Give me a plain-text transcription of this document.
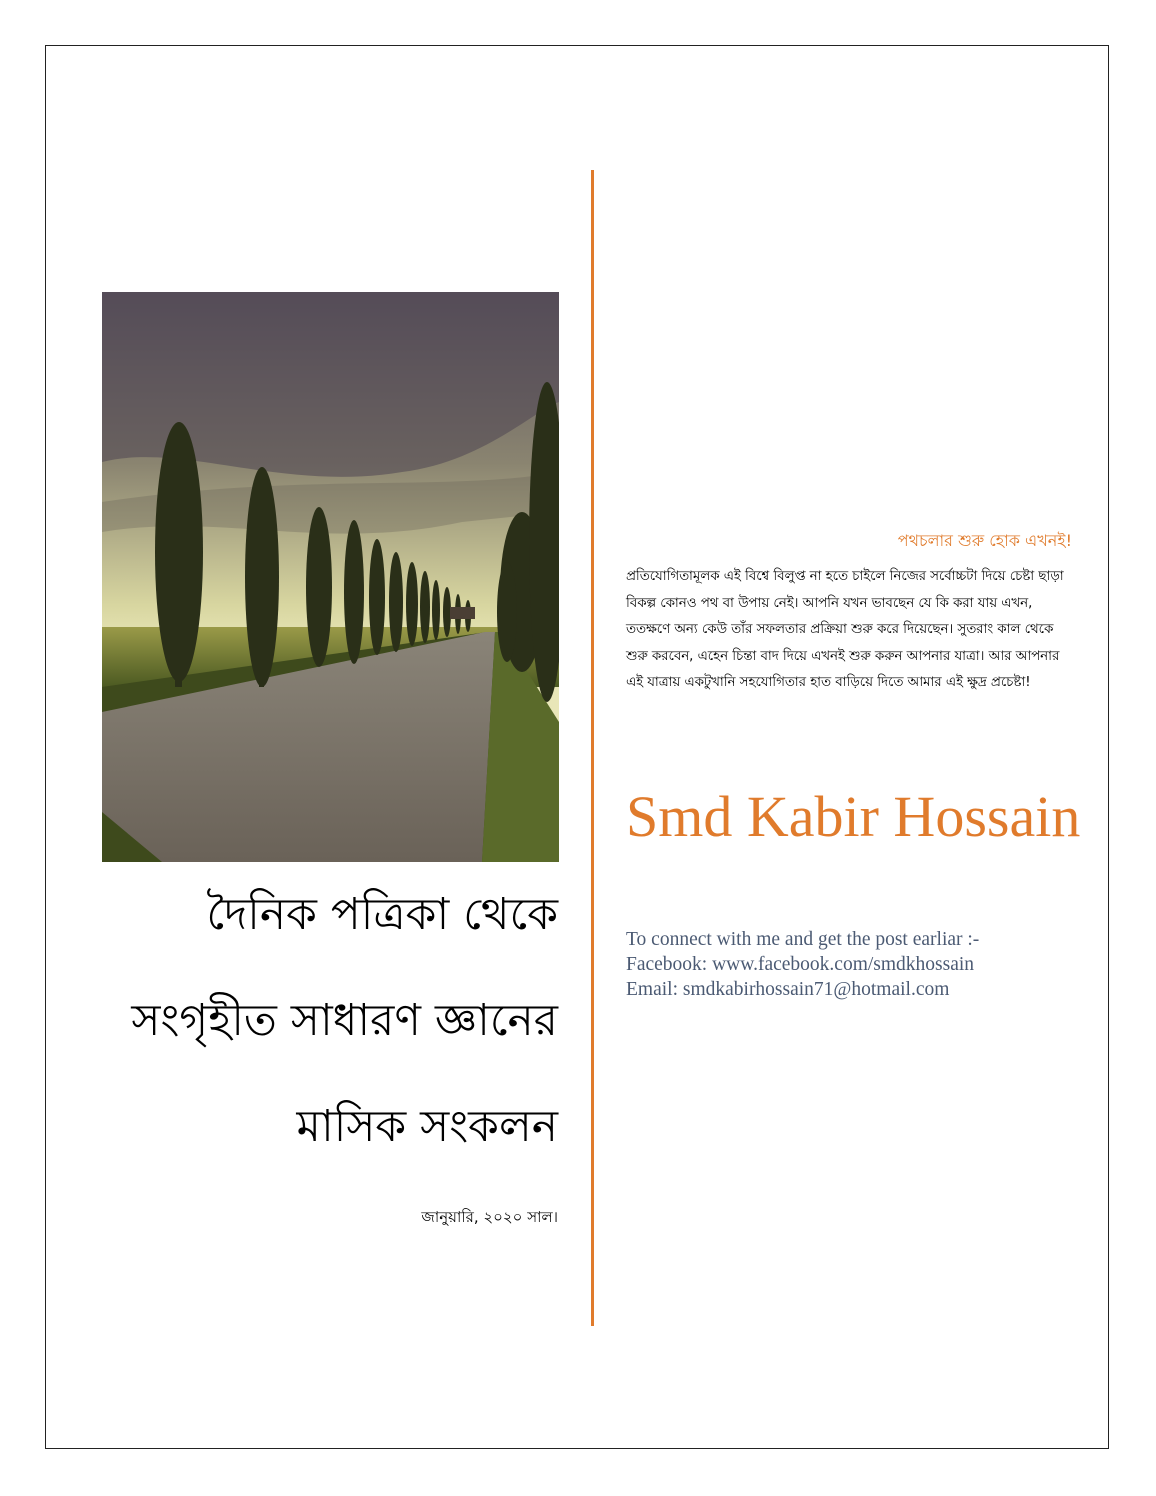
দৈনিক পত্রিকা থেকে
সংগৃহীত সাধারণ জ্ঞানের
মাসিক সংকলন
জানুয়ারি, ২০২০ সাল।
পথচলার শুরু হোক এখনই!
প্রতিযোগিতামূলক এই বিশ্বে বিলুপ্ত না হতে চাইলে নিজের সর্বোচ্চটা দিয়ে চেষ্টা ছাড়া বিকল্প কোনও পথ বা উপায় নেই। আপনি যখন ভাবছেন যে কি করা যায় এখন, ততক্ষণে অন্য কেউ তাঁর সফলতার প্রক্রিয়া শুরু করে দিয়েছেন। সুতরাং কাল থেকে শুরু করবেন, এহেন চিন্তা বাদ দিয়ে এখনই শুরু করুন আপনার যাত্রা। আর আপনার এই যাত্রায় একটুখানি সহযোগিতার হাত বাড়িয়ে দিতে আমার এই ক্ষুদ্র প্রচেষ্টা!
Smd Kabir Hossain
To connect with me and get the post earliar :-
Facebook: www.facebook.com/smdkhossain
Email: smdkabirhossain71@hotmail.com
